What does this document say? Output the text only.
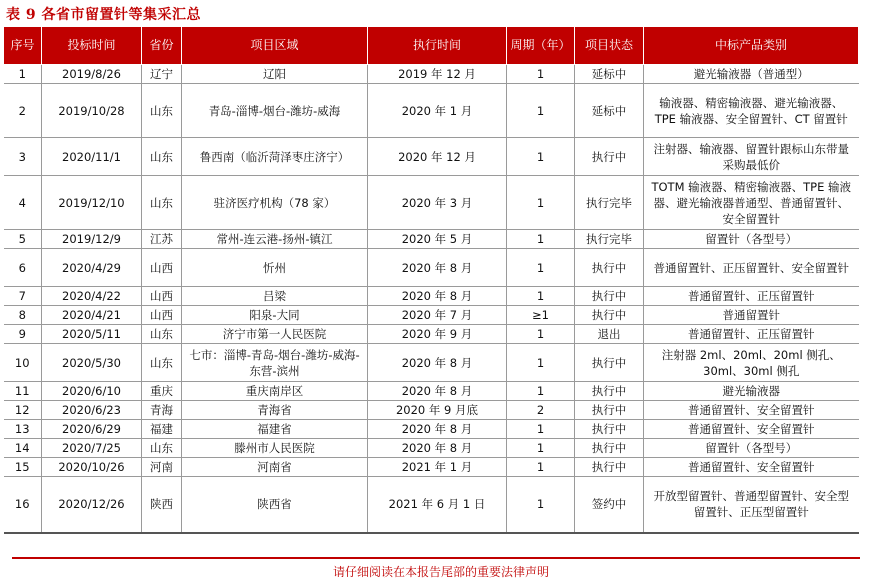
表 9 各省市留置针等集采汇总
序号	投标时间	省份	项目区域	执行时间	周期（年）	项目状态	中标产品类别
1	2019/8/26	辽宁	辽阳	2019 年 12 月	1	延标中	避光输液器（普通型）
2	2019/10/28	山东	青岛-淄博-烟台-潍坊-威海	2020 年 1 月	1	延标中	输液器、精密输液器、避光输液器、TPE 输液器、安全留置针、CT 留置针
3	2020/11/1	山东	鲁西南（临沂菏泽枣庄济宁）	2020 年 12 月	1	执行中	注射器、输液器、留置针跟标山东带量采购最低价
4	2019/12/10	山东	驻济医疗机构（78 家）	2020 年 3 月	1	执行完毕	TOTM 输液器、精密输液器、TPE 输液器、避光输液器普通型、普通留置针、安全留置针
5	2019/12/9	江苏	常州-连云港-扬州-镇江	2020 年 5 月	1	执行完毕	留置针（各型号）
6	2020/4/29	山西	忻州	2020 年 8 月	1	执行中	普通留置针、正压留置针、安全留置针
7	2020/4/22	山西	吕梁	2020 年 8 月	1	执行中	普通留置针、正压留置针
8	2020/4/21	山西	阳泉-大同	2020 年 7 月	≥1	执行中	普通留置针
9	2020/5/11	山东	济宁市第一人民医院	2020 年 9 月	1	退出	普通留置针、正压留置针
10	2020/5/30	山东	七市：淄博-青岛-烟台-潍坊-威海-东营-滨州	2020 年 8 月	1	执行中	注射器 2ml、20ml、20ml 侧孔、30ml、30ml 侧孔
11	2020/6/10	重庆	重庆南岸区	2020 年 8 月	1	执行中	避光输液器
12	2020/6/23	青海	青海省	2020 年 9 月底	2	执行中	普通留置针、安全留置针
13	2020/6/29	福建	福建省	2020 年 8 月	1	执行中	普通留置针、安全留置针
14	2020/7/25	山东	滕州市人民医院	2020 年 8 月	1	执行中	留置针（各型号）
15	2020/10/26	河南	河南省	2021 年 1 月	1	执行中	普通留置针、安全留置针
16	2020/12/26	陕西	陕西省	2021 年 6 月 1 日	1	签约中	开放型留置针、普通型留置针、安全型留置针、正压型留置针
请仔细阅读在本报告尾部的重要法律声明
